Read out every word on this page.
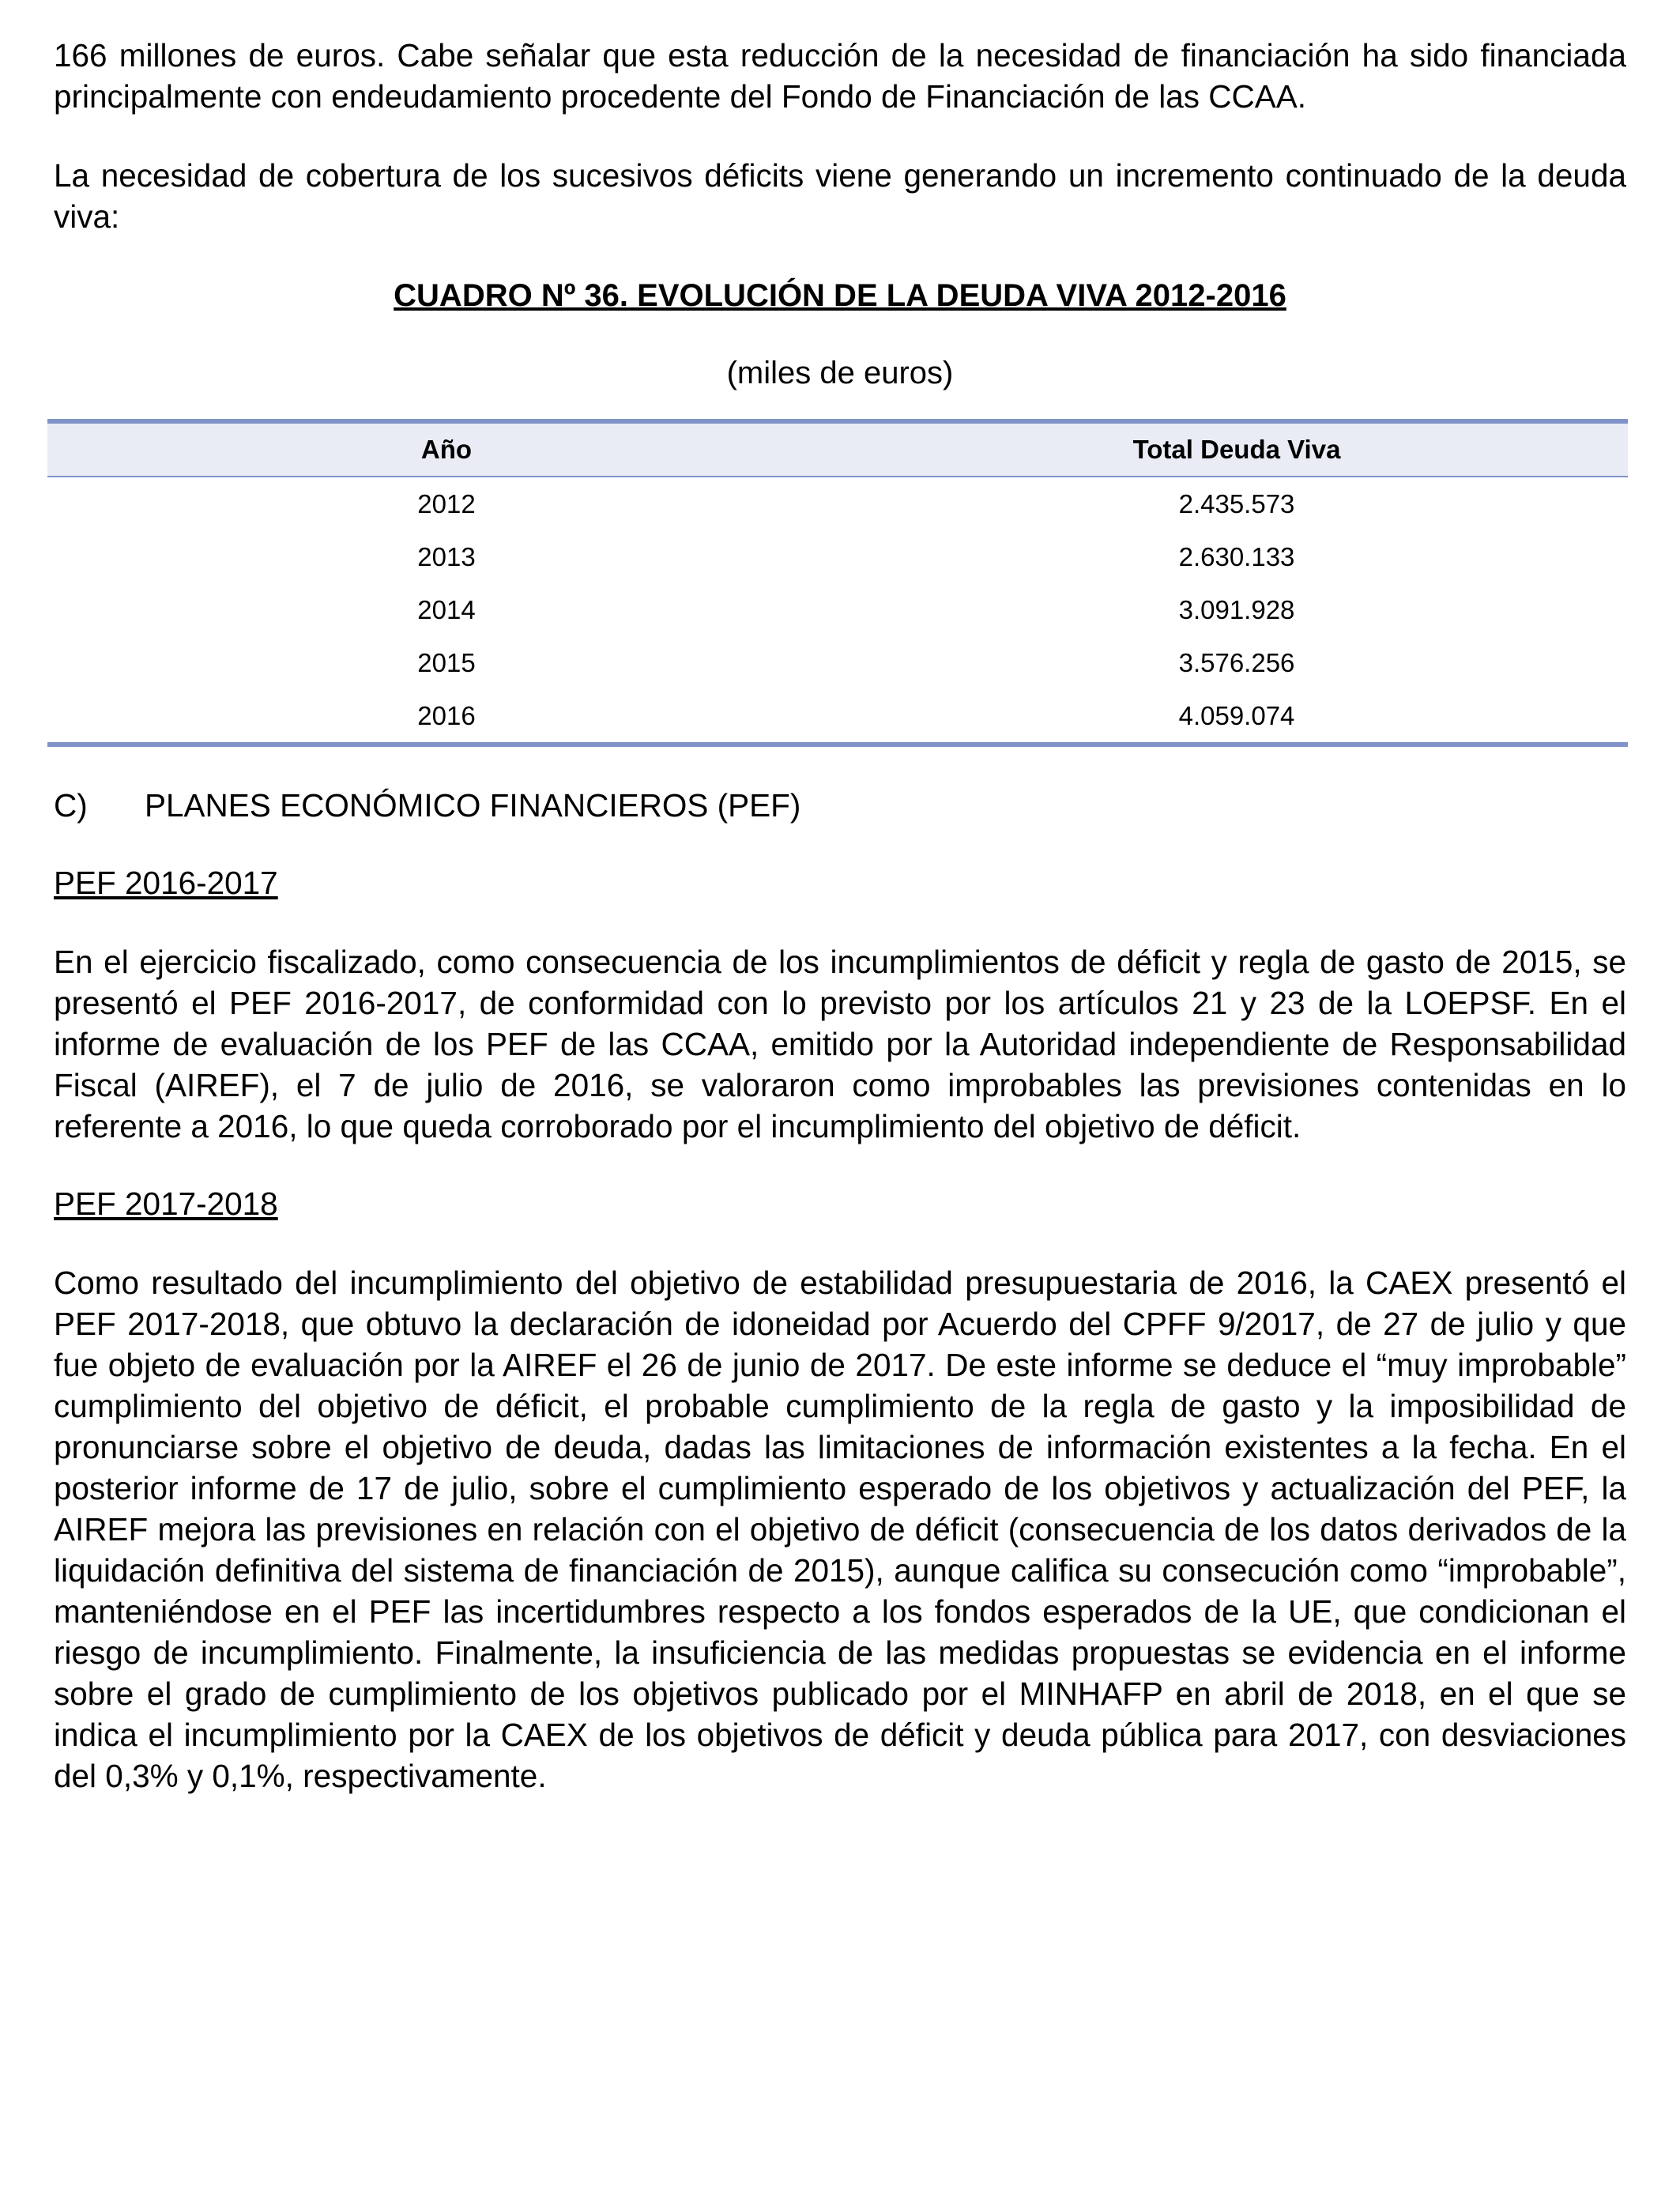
166 millones de euros. Cabe señalar que esta reducción de la necesidad de financiación ha sido financiada principalmente con endeudamiento procedente del Fondo de Financiación de las CCAA.

La necesidad de cobertura de los sucesivos déficits viene generando un incremento continuado de la deuda viva:

CUADRO Nº 36. EVOLUCIÓN DE LA DEUDA VIVA 2012-2016
(miles de euros)
Año	Total Deuda Viva
2012	2.435.573
2013	2.630.133
2014	3.091.928
2015	3.576.256
2016	4.059.074
C)	PLANES ECONÓMICO FINANCIEROS (PEF)
PEF 2016-2017

En el ejercicio fiscalizado, como consecuencia de los incumplimientos de déficit y regla de gasto de 2015, se presentó el PEF 2016-2017, de conformidad con lo previsto por los artículos 21 y 23 de la LOEPSF. En el informe de evaluación de los PEF de las CCAA, emitido por la Autoridad independiente de Responsabilidad Fiscal (AIREF), el 7 de julio de 2016, se valoraron como improbables las previsiones contenidas en lo referente a 2016, lo que queda corroborado por el incumplimiento del objetivo de déficit.

PEF 2017-2018

Como resultado del incumplimiento del objetivo de estabilidad presupuestaria de 2016, la CAEX presentó el PEF 2017-2018, que obtuvo la declaración de idoneidad por Acuerdo del CPFF 9/2017, de 27 de julio y que fue objeto de evaluación por la AIREF el 26 de junio de 2017. De este informe se deduce el “muy improbable” cumplimiento del objetivo de déficit, el probable cumplimiento de la regla de gasto y la imposibilidad de pronunciarse sobre el objetivo de deuda, dadas las limitaciones de información existentes a la fecha. En el posterior informe de 17 de julio, sobre el cumplimiento esperado de los objetivos y actualización del PEF, la AIREF mejora las previsiones en relación con el objetivo de déficit (consecuencia de los datos derivados de la liquidación definitiva del sistema de financiación de 2015), aunque califica su consecución como “improbable”, manteniéndose en el PEF las incertidumbres respecto a los fondos esperados de la UE, que condicionan el riesgo de incumplimiento. Finalmente, la insuficiencia de las medidas propuestas se evidencia en el informe sobre el grado de cumplimiento de los objetivos publicado por el MINHAFP en abril de 2018, en el que se indica el incumplimiento por la CAEX de los objetivos de déficit y deuda pública para 2017, con desviaciones del 0,3% y 0,1%, respectivamente.
